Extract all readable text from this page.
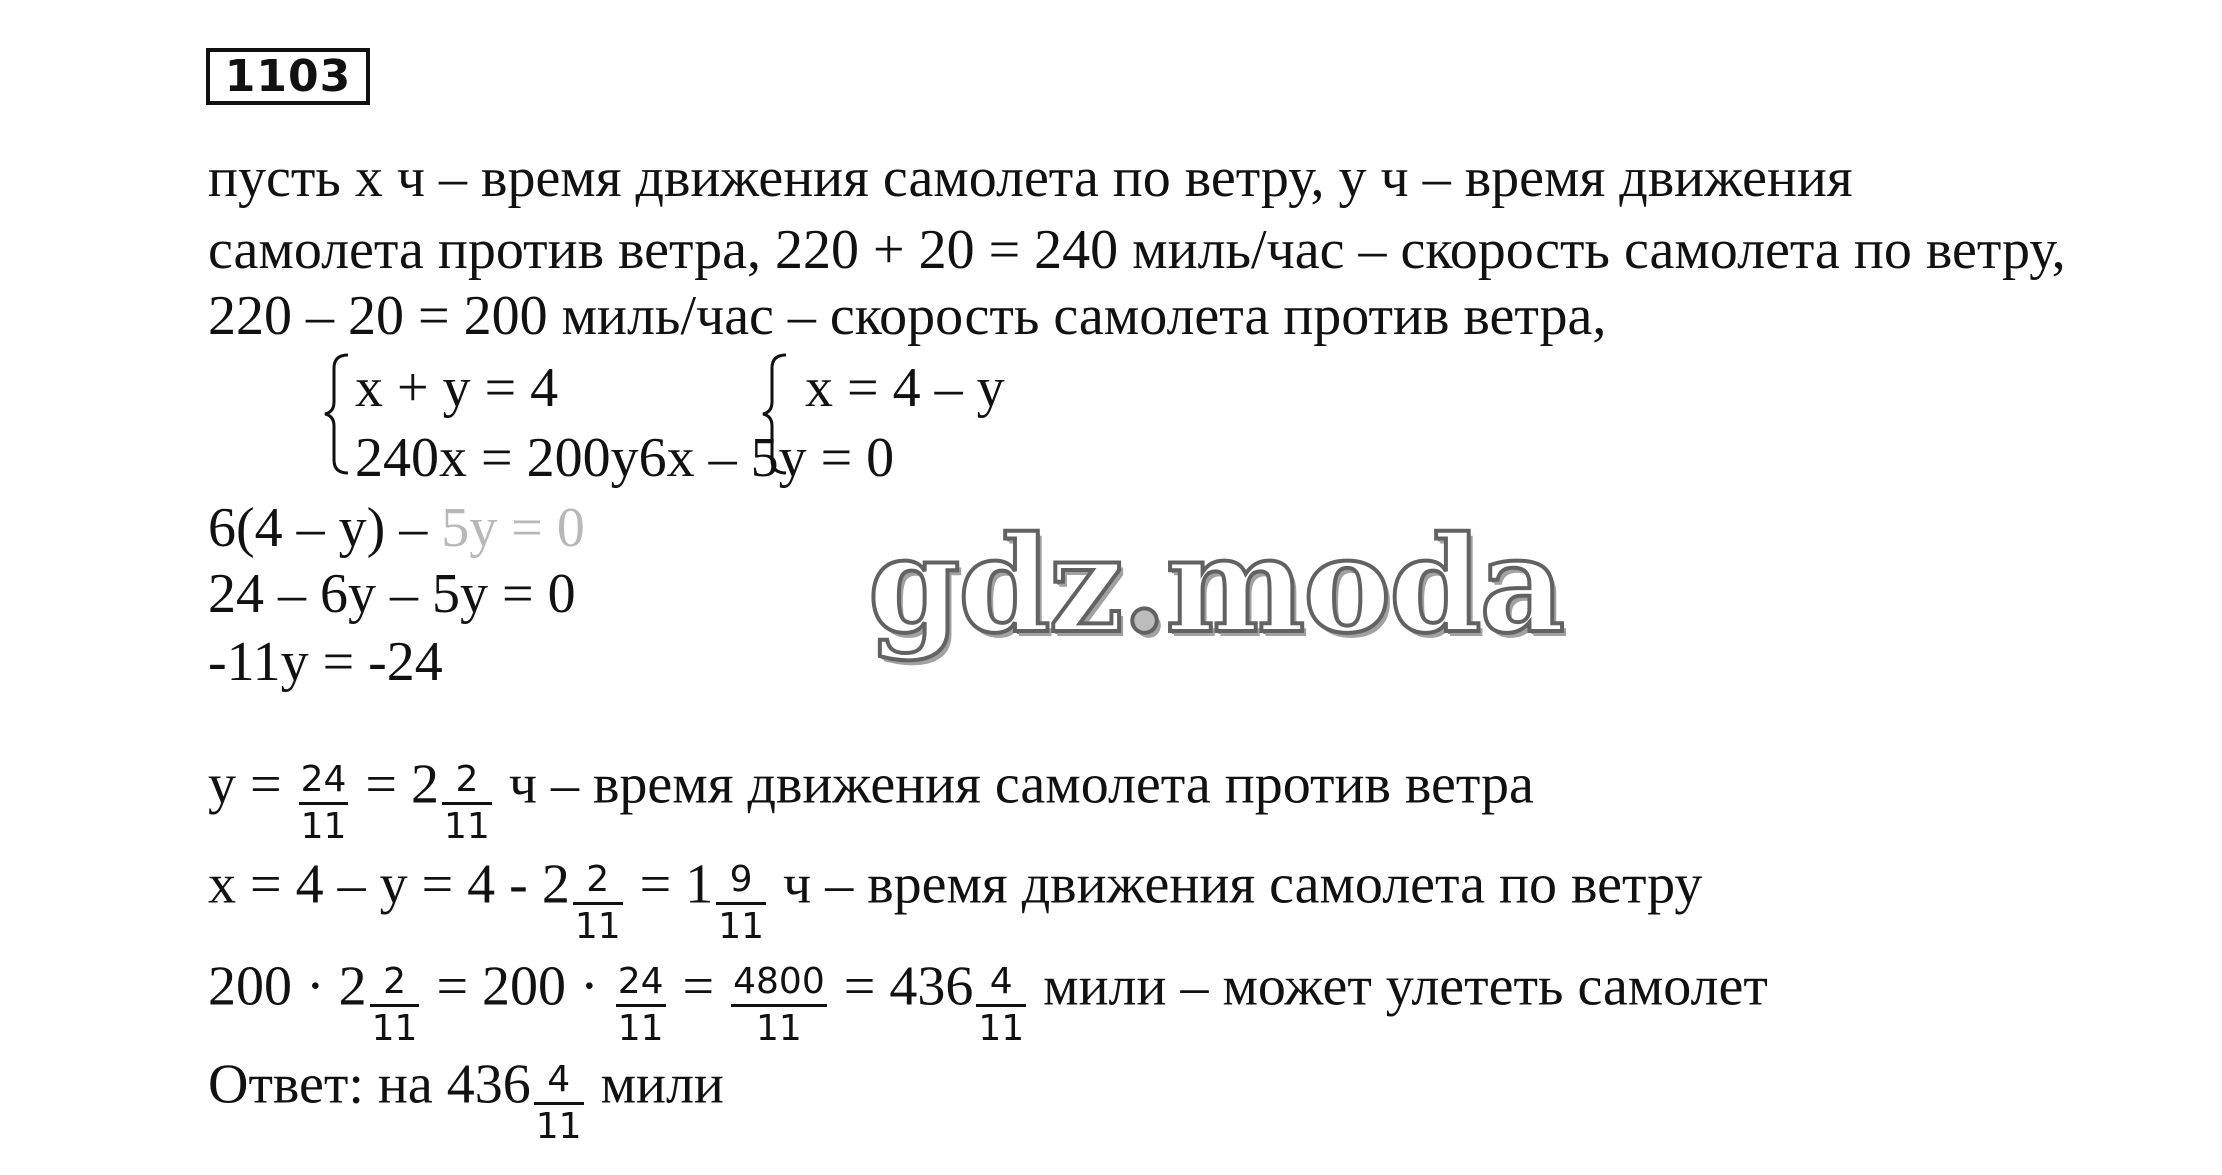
1103
пусть х ч – время движения самолета по ветру, у ч – время движения
самолета против ветра, 220 + 20 = 240 миль/час – скорость самолета по ветру,
220 – 20 = 200 миль/час – скорость самолета против ветра,
x + y = 4	x = 4 – y
240x = 200y6x – 5y = 0
6(4 – y) – 5y = 0
24 – 6y – 5y = 0
-11y = -24
$y = \frac{24}{11} = 2 \frac{2}{11}$ ч – время движения самолета против ветра
$x = 4 - y = 4 - 2 \frac{2}{11} = 1 \frac{9}{11}$ ч – время движения самолета по ветру
$200 \cdot 2 \frac{2}{11} = 200 \cdot \frac{24}{11} = \frac{4800}{11} = 436 \frac{4}{11}$ мили – может улететь самолет
Ответ: на $436 \frac{4}{11}$ мили
gdz.moda
